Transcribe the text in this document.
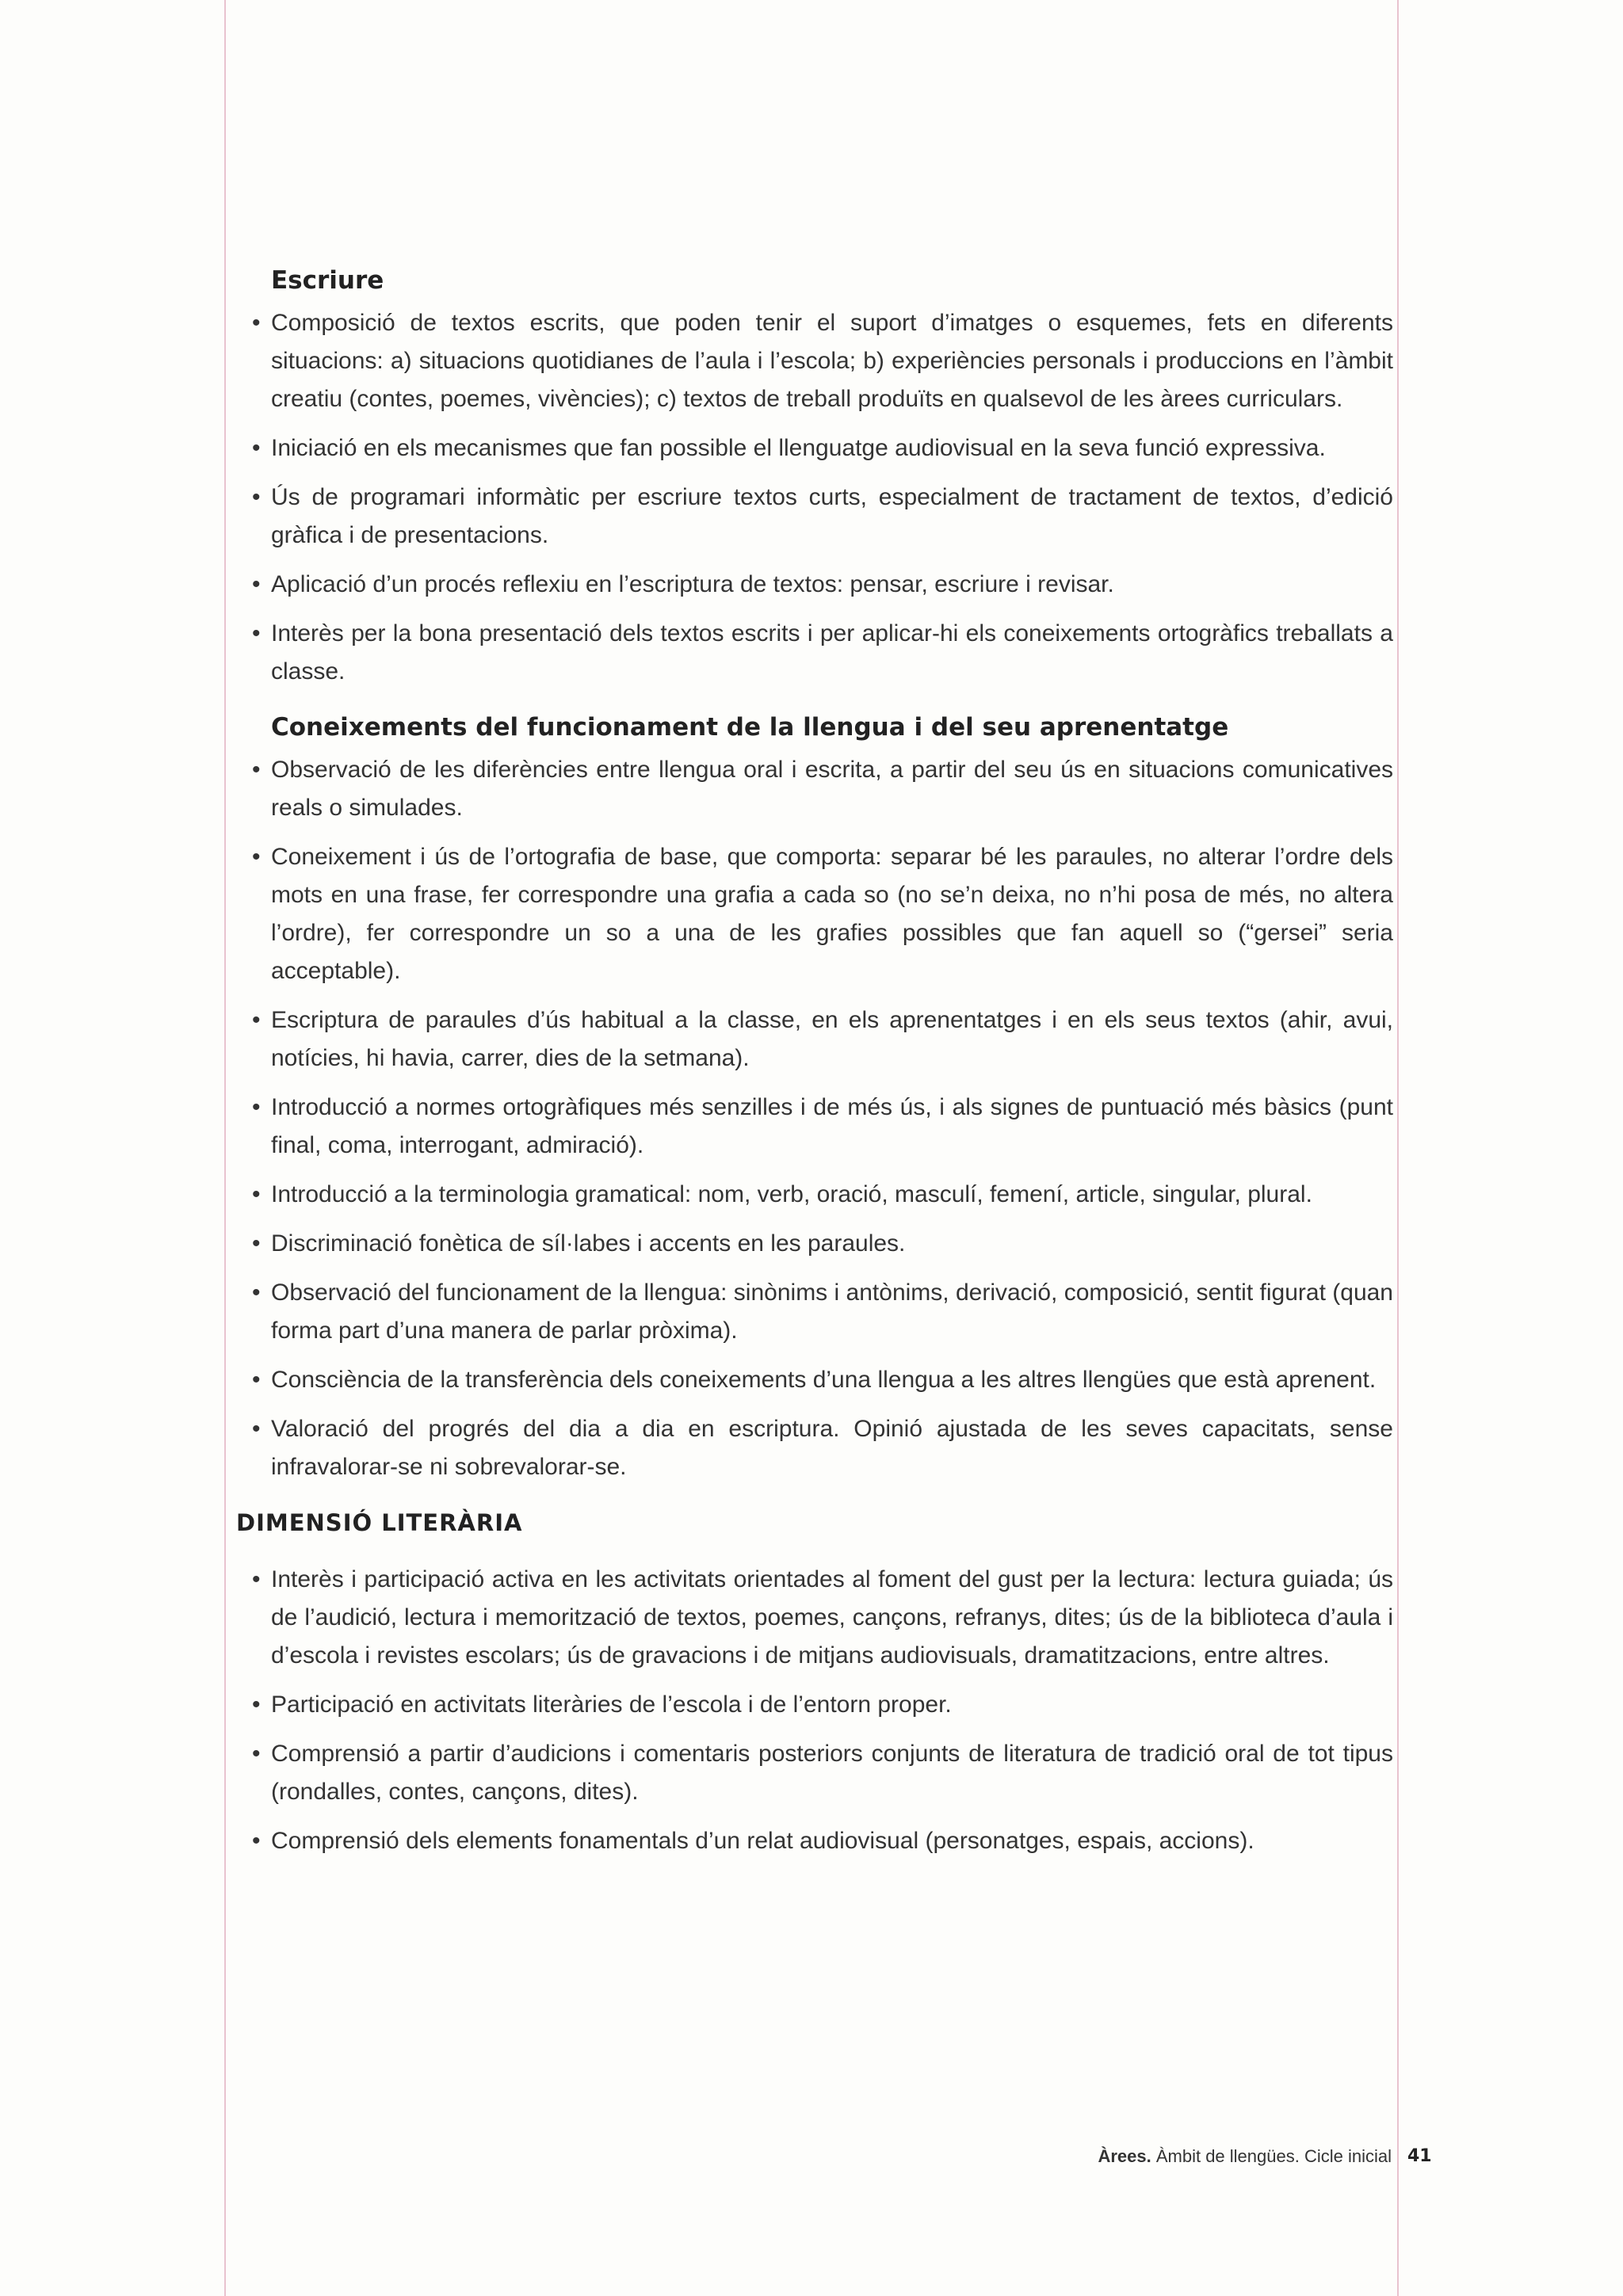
Escriure
• Composició de textos escrits, que poden tenir el suport d’imatges o esquemes, fets en diferents situacions: a) situacions quotidianes de l’aula i l’escola; b) experiències personals i produccions en l’àmbit creatiu (contes, poemes, vivències); c) textos de treball produïts en qualsevol de les àrees curriculars.
• Iniciació en els mecanismes que fan possible el llenguatge audiovisual en la seva funció expressiva.
• Ús de programari informàtic per escriure textos curts, especialment de tractament de textos, d’edició gràfica i de presentacions.
• Aplicació d’un procés reflexiu en l’escriptura de textos: pensar, escriure i revisar.
• Interès per la bona presentació dels textos escrits i per aplicar-hi els coneixements ortogràfics treballats a classe.
Coneixements del funcionament de la llengua i del seu aprenentatge
• Observació de les diferències entre llengua oral i escrita, a partir del seu ús en situacions comunicatives reals o simulades.
• Coneixement i ús de l’ortografia de base, que comporta: separar bé les paraules, no alterar l’ordre dels mots en una frase, fer correspondre una grafia a cada so (no se’n deixa, no n’hi posa de més, no altera l’ordre), fer correspondre un so a una de les grafies possibles que fan aquell so (“gersei” seria acceptable).
• Escriptura de paraules d’ús habitual a la classe, en els aprenentatges i en els seus textos (ahir, avui, notícies, hi havia, carrer, dies de la setmana).
• Introducció a normes ortogràfiques més senzilles i de més ús, i als signes de puntuació més bàsics (punt final, coma, interrogant, admiració).
• Introducció a la terminologia gramatical: nom, verb, oració, masculí, femení, article, singular, plural.
• Discriminació fonètica de síl·labes i accents en les paraules.
• Observació del funcionament de la llengua: sinònims i antònims, derivació, composició, sentit figurat (quan forma part d’una manera de parlar pròxima).
• Consciència de la transferència dels coneixements d’una llengua a les altres llengües que està aprenent.
• Valoració del progrés del dia a dia en escriptura. Opinió ajustada de les seves capacitats, sense infravalorar-se ni sobrevalorar-se.
DIMENSIÓ LITERÀRIA
• Interès i participació activa en les activitats orientades al foment del gust per la lectura: lectura guiada; ús de l’audició, lectura i memorització de textos, poemes, cançons, refranys, dites; ús de la biblioteca d’aula i d’escola i revistes escolars; ús de gravacions i de mitjans audiovisuals, dramatitzacions, entre altres.
• Participació en activitats literàries de l’escola i de l’entorn proper.
• Comprensió a partir d’audicions i comentaris posteriors conjunts de literatura de tradició oral de tot tipus (rondalles, contes, cançons, dites).
• Comprensió dels elements fonamentals d’un relat audiovisual (personatges, espais, accions).
Àrees. Àmbit de llengües. Cicle inicial 41
